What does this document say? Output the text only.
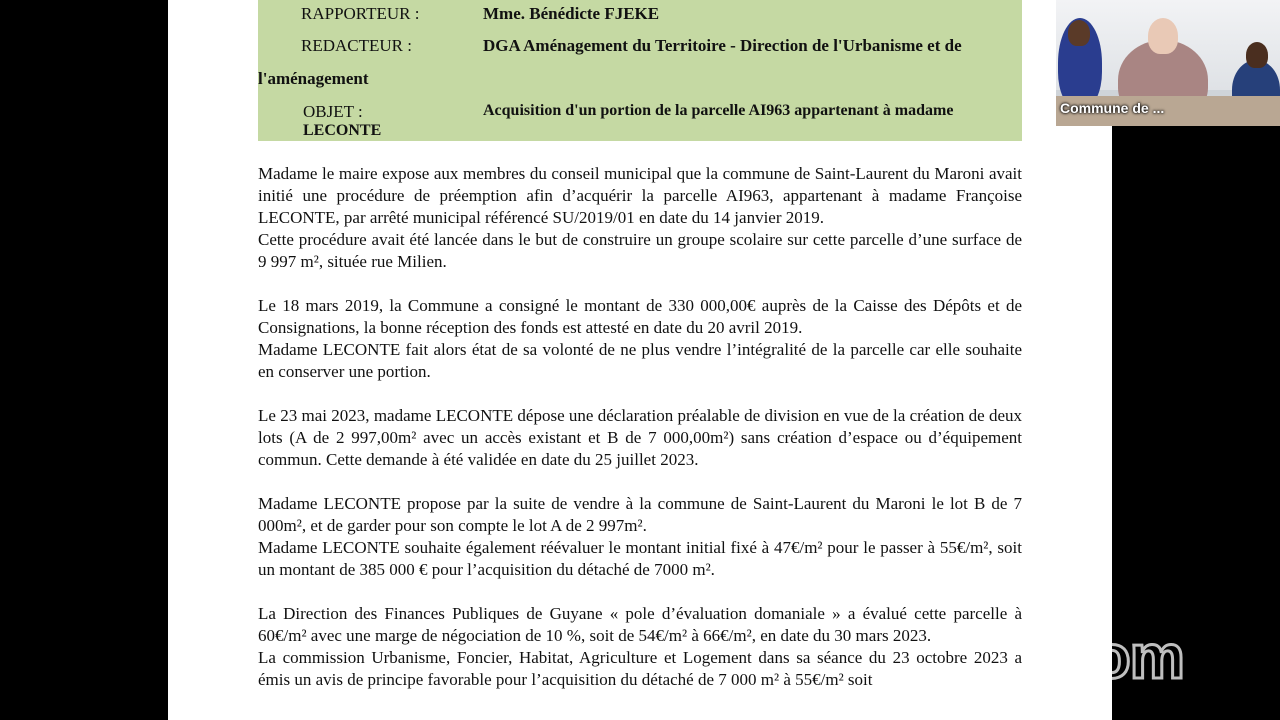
RAPPORTEUR :	Mme. Bénédicte FJEKE
REDACTEUR :	DGA Aménagement du Territoire - Direction de l'Urbanisme et de
l'aménagement
OBJET :	Acquisition d'un portion de la parcelle AI963 appartenant à madame
LECONTE
Madame le maire expose aux membres du conseil municipal que la commune de Saint-Laurent du Maroni avait initié une procédure de préemption afin d’acquérir la parcelle AI963, appartenant à madame Françoise LECONTE, par arrêté municipal référencé SU/2019/01 en date du 14 janvier 2019.
Cette procédure avait été lancée dans le but de construire un groupe scolaire sur cette parcelle d’une surface de 9 997 m², située rue Milien.
Le 18 mars 2019, la Commune a consigné le montant de 330 000,00€ auprès de la Caisse des Dépôts et de Consignations, la bonne réception des fonds est attesté en date du 20 avril 2019.
Madame LECONTE fait alors état de sa volonté de ne plus vendre l’intégralité de la parcelle car elle souhaite en conserver une portion.
Le 23 mai 2023, madame LECONTE dépose une déclaration préalable de division en vue de la création de deux lots (A de 2 997,00m² avec un accès existant et B de 7 000,00m²) sans création d’espace ou d’équipement commun. Cette demande à été validée en date du 25 juillet 2023.
Madame LECONTE propose par la suite de vendre à la commune de Saint-Laurent du Maroni le lot B de 7 000m², et de garder pour son compte le lot A de 2 997m².
Madame LECONTE souhaite également réévaluer le montant initial fixé à 47€/m² pour le passer à 55€/m², soit un montant de 385 000 € pour l’acquisition du détaché de 7000 m².
La Direction des Finances Publiques de Guyane « pole d’évaluation domaniale » a évalué cette parcelle à 60€/m² avec une marge de négociation de 10 %, soit de 54€/m² à 66€/m², en date du 30 mars 2023.
La commission Urbanisme, Foncier, Habitat, Agriculture et Logement dans sa séance du 23 octobre 2023 a émis un avis de principe favorable pour l’acquisition du détaché de 7 000 m² à 55€/m² soit
Commune de ...
zoom
